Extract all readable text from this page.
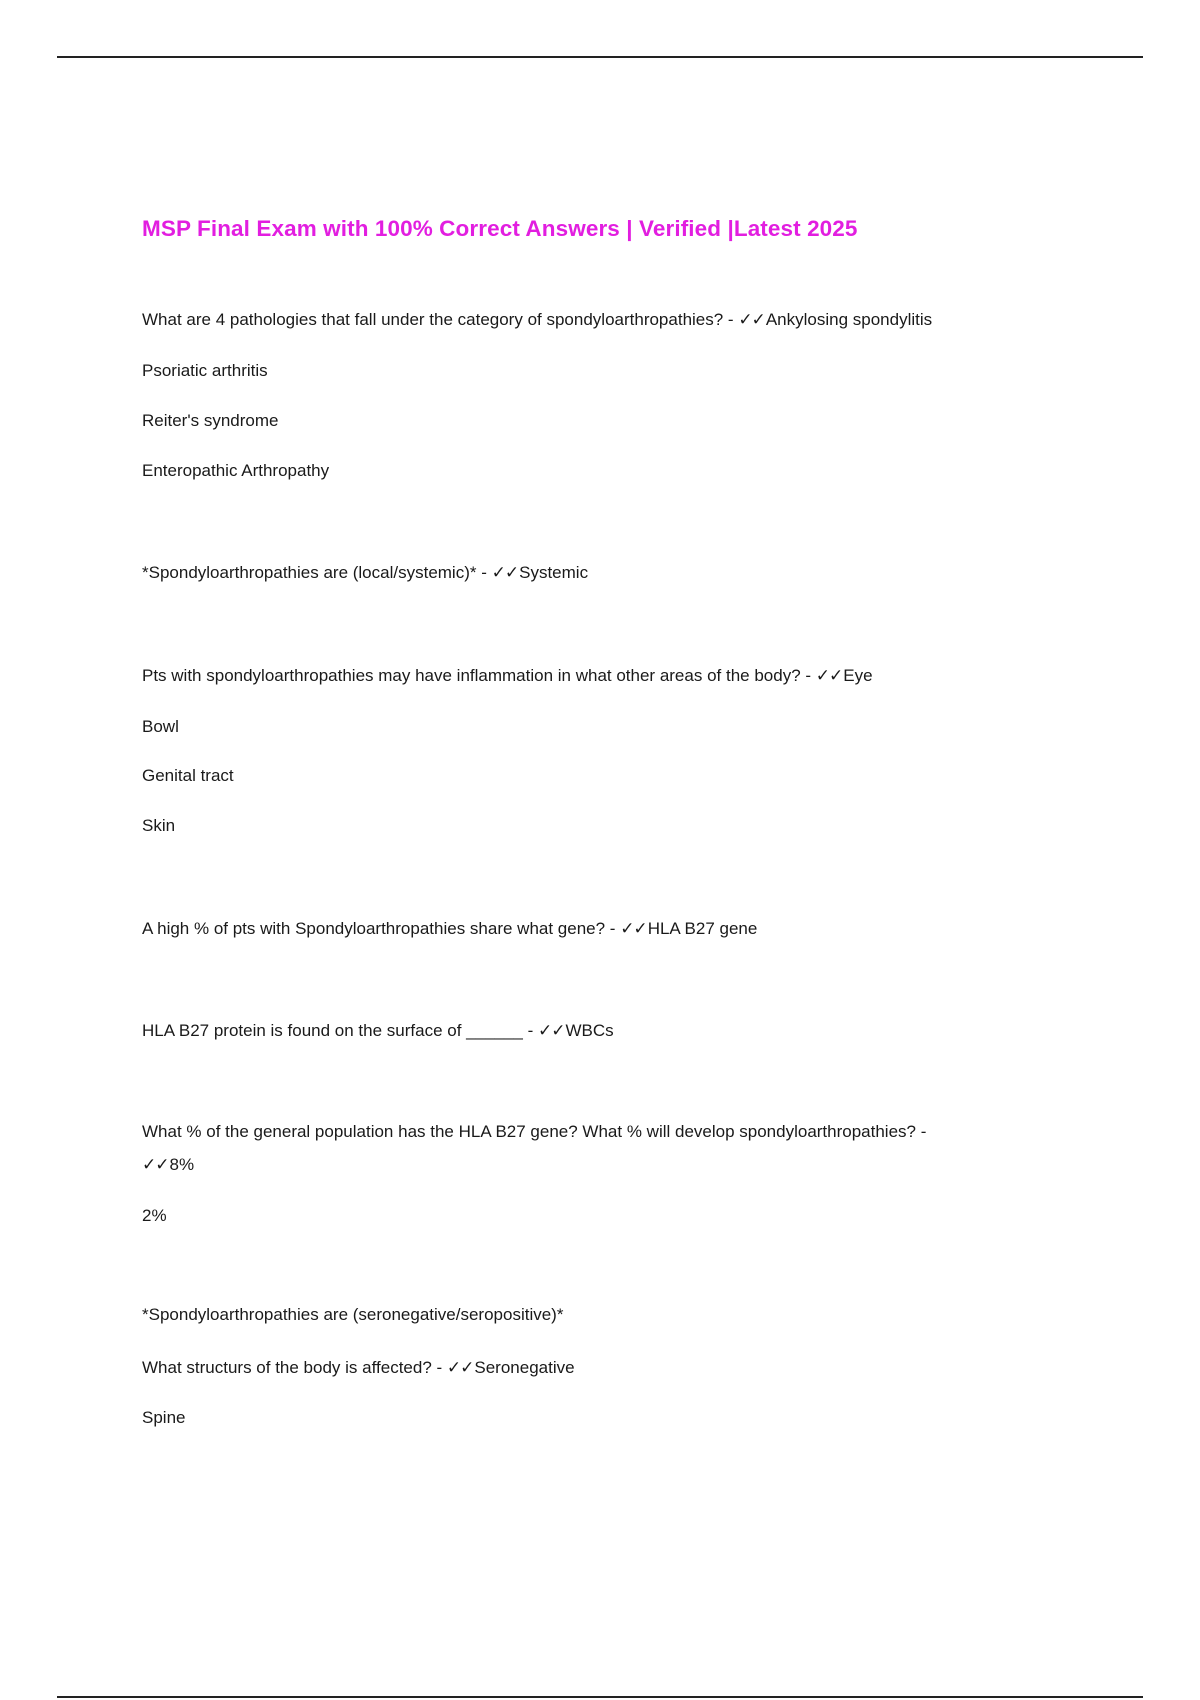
MSP Final Exam with 100% Correct Answers | Verified |Latest 2025
What are 4 pathologies that fall under the category of spondyloarthropathies? - ✓✓Ankylosing spondylitis
Psoriatic arthritis
Reiter's syndrome
Enteropathic Arthropathy
*Spondyloarthropathies are (local/systemic)* - ✓✓Systemic
Pts with spondyloarthropathies may have inflammation in what other areas of the body? - ✓✓Eye
Bowl
Genital tract
Skin
A high % of pts with Spondyloarthropathies share what gene? - ✓✓HLA B27 gene
HLA B27 protein is found on the surface of ______ - ✓✓WBCs
What % of the general population has the HLA B27 gene? What % will develop spondyloarthropathies? -
✓✓8%
2%
*Spondyloarthropathies are (seronegative/seropositive)*
What structurs of the body is affected? - ✓✓Seronegative
Spine
